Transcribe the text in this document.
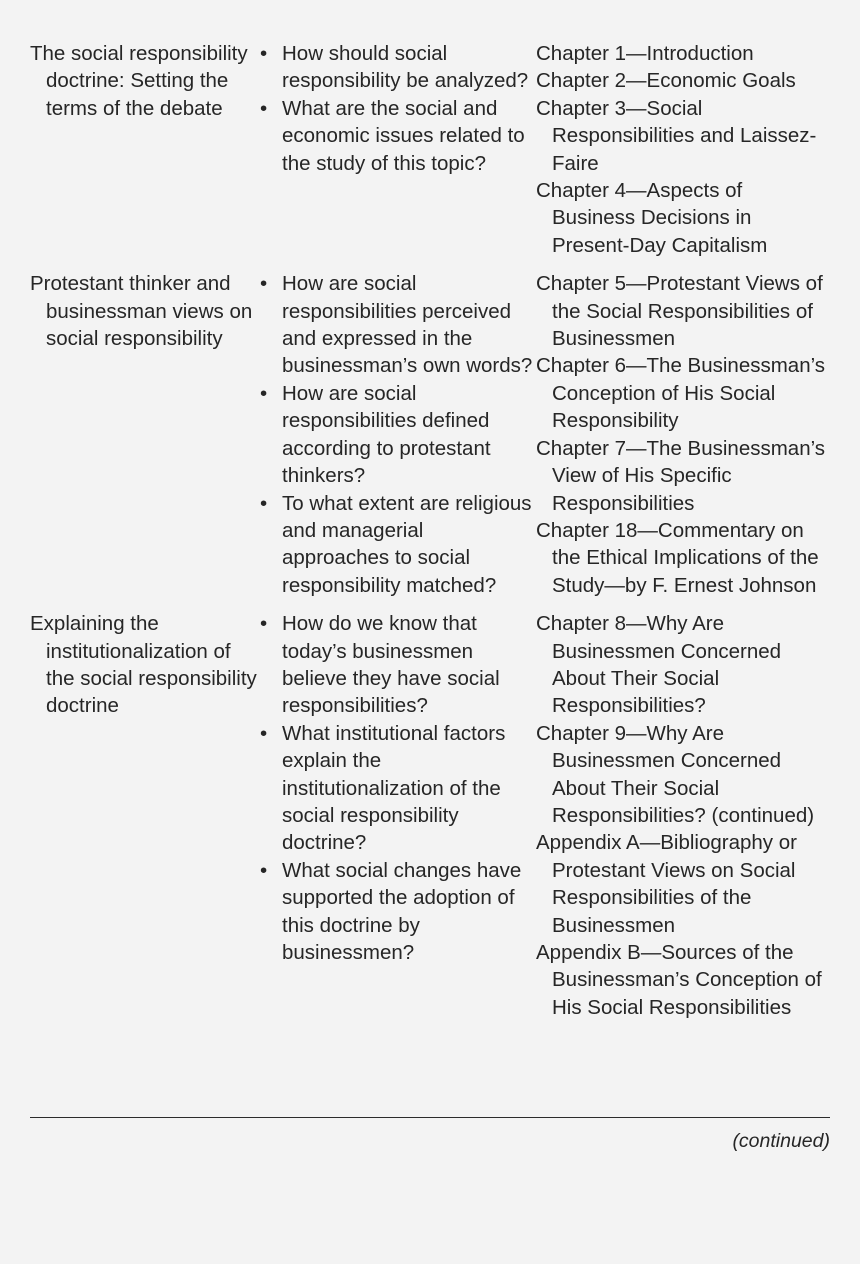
The social responsibility doctrine: Setting the terms of the debate

• How should social responsibility be analyzed?
• What are the social and economic issues related to the study of this topic?

Chapter 1—Introduction

Chapter 2—Economic Goals

Chapter 3—Social Responsibilities and Laissez-Faire

Chapter 4—Aspects of Business Decisions in Present-Day Capitalism

Protestant thinker and businessman views on social responsibility

• How are social responsibilities perceived and expressed in the businessman’s own words?
• How are social responsibilities defined according to protestant thinkers?
• To what extent are religious and managerial approaches to social responsibility matched?

Chapter 5—Protestant Views of the Social Responsibilities of Businessmen

Chapter 6—The Businessman’s Conception of His Social Responsibility

Chapter 7—The Businessman’s View of His Specific Responsibilities

Chapter 18—Commentary on the Ethical Implications of the Study—by F. Ernest Johnson

Explaining the institutionalization of the social responsibility doctrine

• How do we know that today’s businessmen believe they have social responsibilities?
• What institutional factors explain the institutionalization of the social responsibility doctrine?
• What social changes have supported the adoption of this doctrine by businessmen?

Chapter 8—Why Are Businessmen Concerned About Their Social Responsibilities?

Chapter 9—Why Are Businessmen Concerned About Their Social Responsibilities? (continued)

Appendix A—Bibliography or Protestant Views on Social Responsibilities of the Businessmen

Appendix B—Sources of the Businessman’s Conception of His Social Responsibilities

(continued)
